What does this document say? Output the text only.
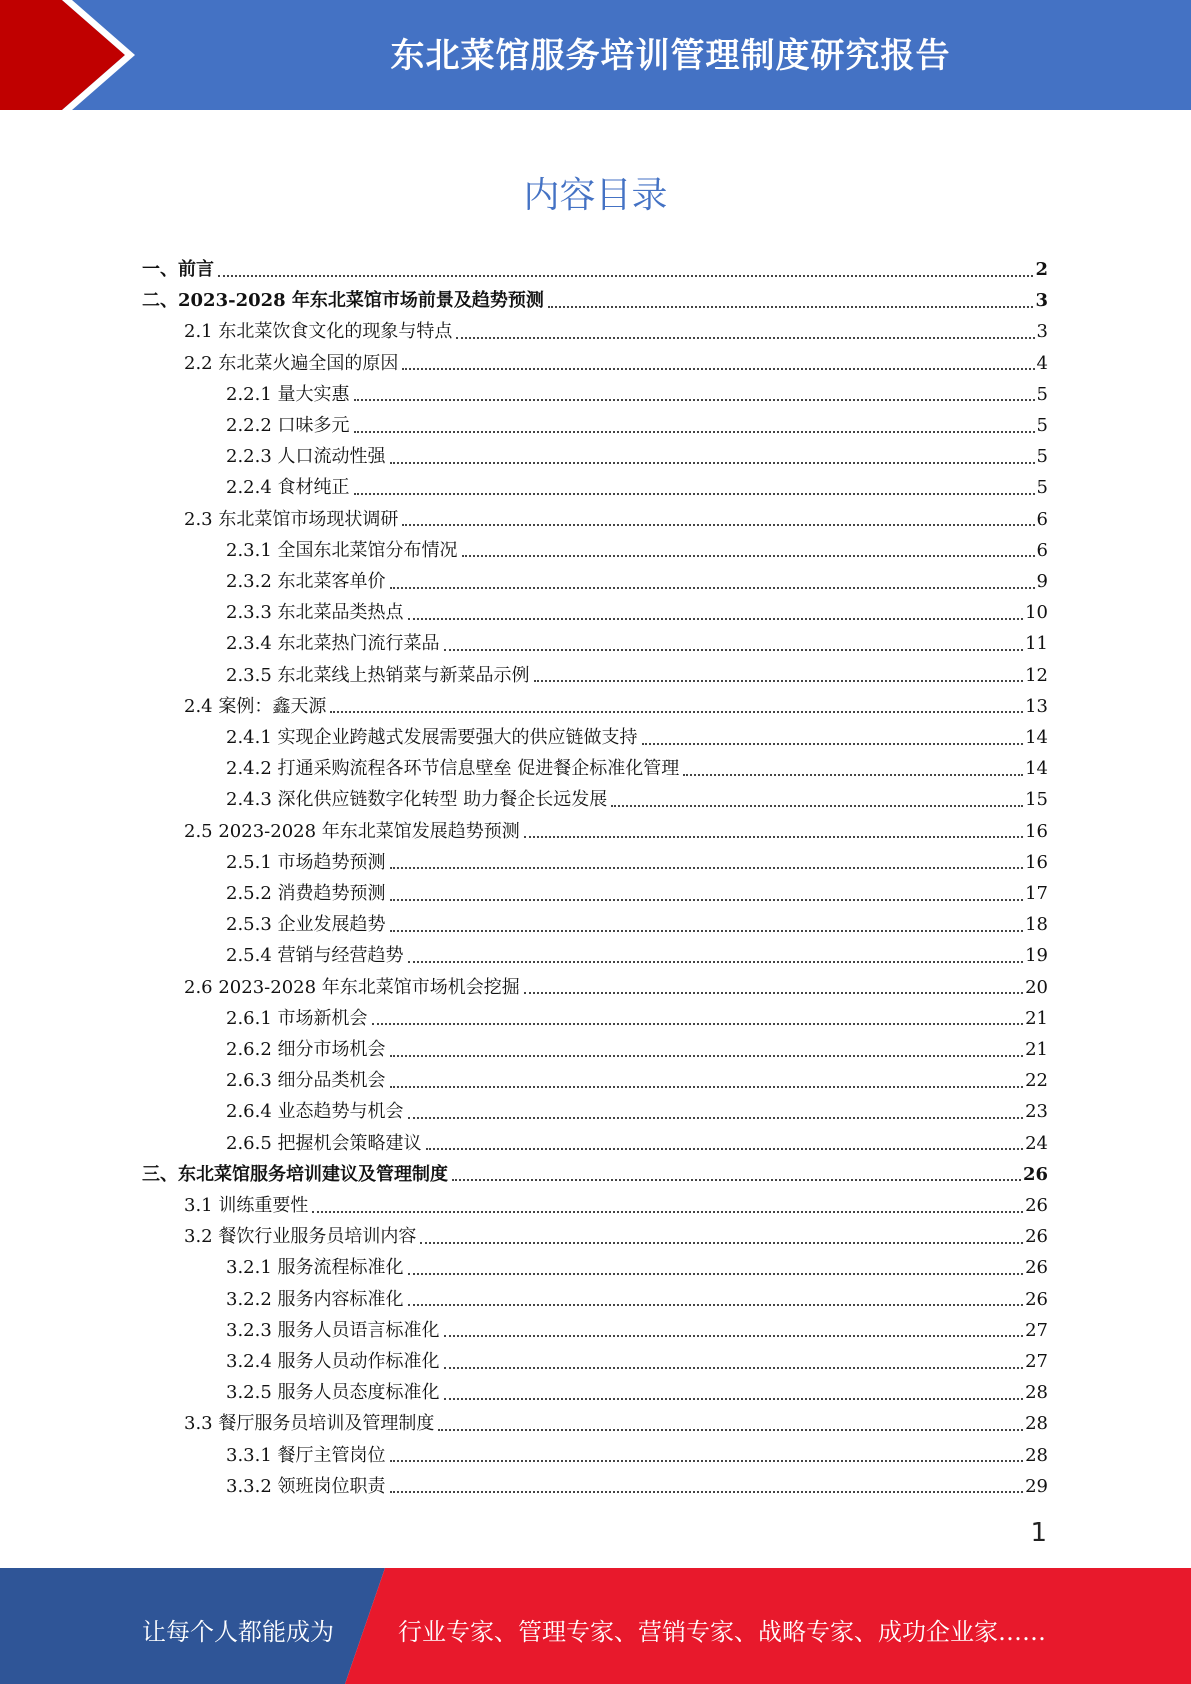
东北菜馆服务培训管理制度研究报告
内容目录
一、前言	2
二、2023-2028 年东北菜馆市场前景及趋势预测	3
2.1 东北菜饮食文化的现象与特点	3
2.2 东北菜火遍全国的原因	4
2.2.1 量大实惠	5
2.2.2 口味多元	5
2.2.3 人口流动性强	5
2.2.4 食材纯正	5
2.3 东北菜馆市场现状调研	6
2.3.1 全国东北菜馆分布情况	6
2.3.2 东北菜客单价	9
2.3.3 东北菜品类热点	10
2.3.4 东北菜热门流行菜品	11
2.3.5 东北菜线上热销菜与新菜品示例	12
2.4 案例：鑫天源	13
2.4.1 实现企业跨越式发展需要强大的供应链做支持	14
2.4.2 打通采购流程各环节信息壁垒 促进餐企标准化管理	14
2.4.3 深化供应链数字化转型 助力餐企长远发展	15
2.5 2023-2028 年东北菜馆发展趋势预测	16
2.5.1 市场趋势预测	16
2.5.2 消费趋势预测	17
2.5.3 企业发展趋势	18
2.5.4 营销与经营趋势	19
2.6 2023-2028 年东北菜馆市场机会挖掘	20
2.6.1 市场新机会	21
2.6.2 细分市场机会	21
2.6.3 细分品类机会	22
2.6.4 业态趋势与机会	23
2.6.5 把握机会策略建议	24
三、东北菜馆服务培训建议及管理制度	26
3.1 训练重要性	26
3.2 餐饮行业服务员培训内容	26
3.2.1 服务流程标准化	26
3.2.2 服务内容标准化	26
3.2.3 服务人员语言标准化	27
3.2.4 服务人员动作标准化	27
3.2.5 服务人员态度标准化	28
3.3 餐厅服务员培训及管理制度	28
3.3.1 餐厅主管岗位	28
3.3.2 领班岗位职责	29
1
让每个人都能成为	行业专家、管理专家、营销专家、战略专家、成功企业家……
